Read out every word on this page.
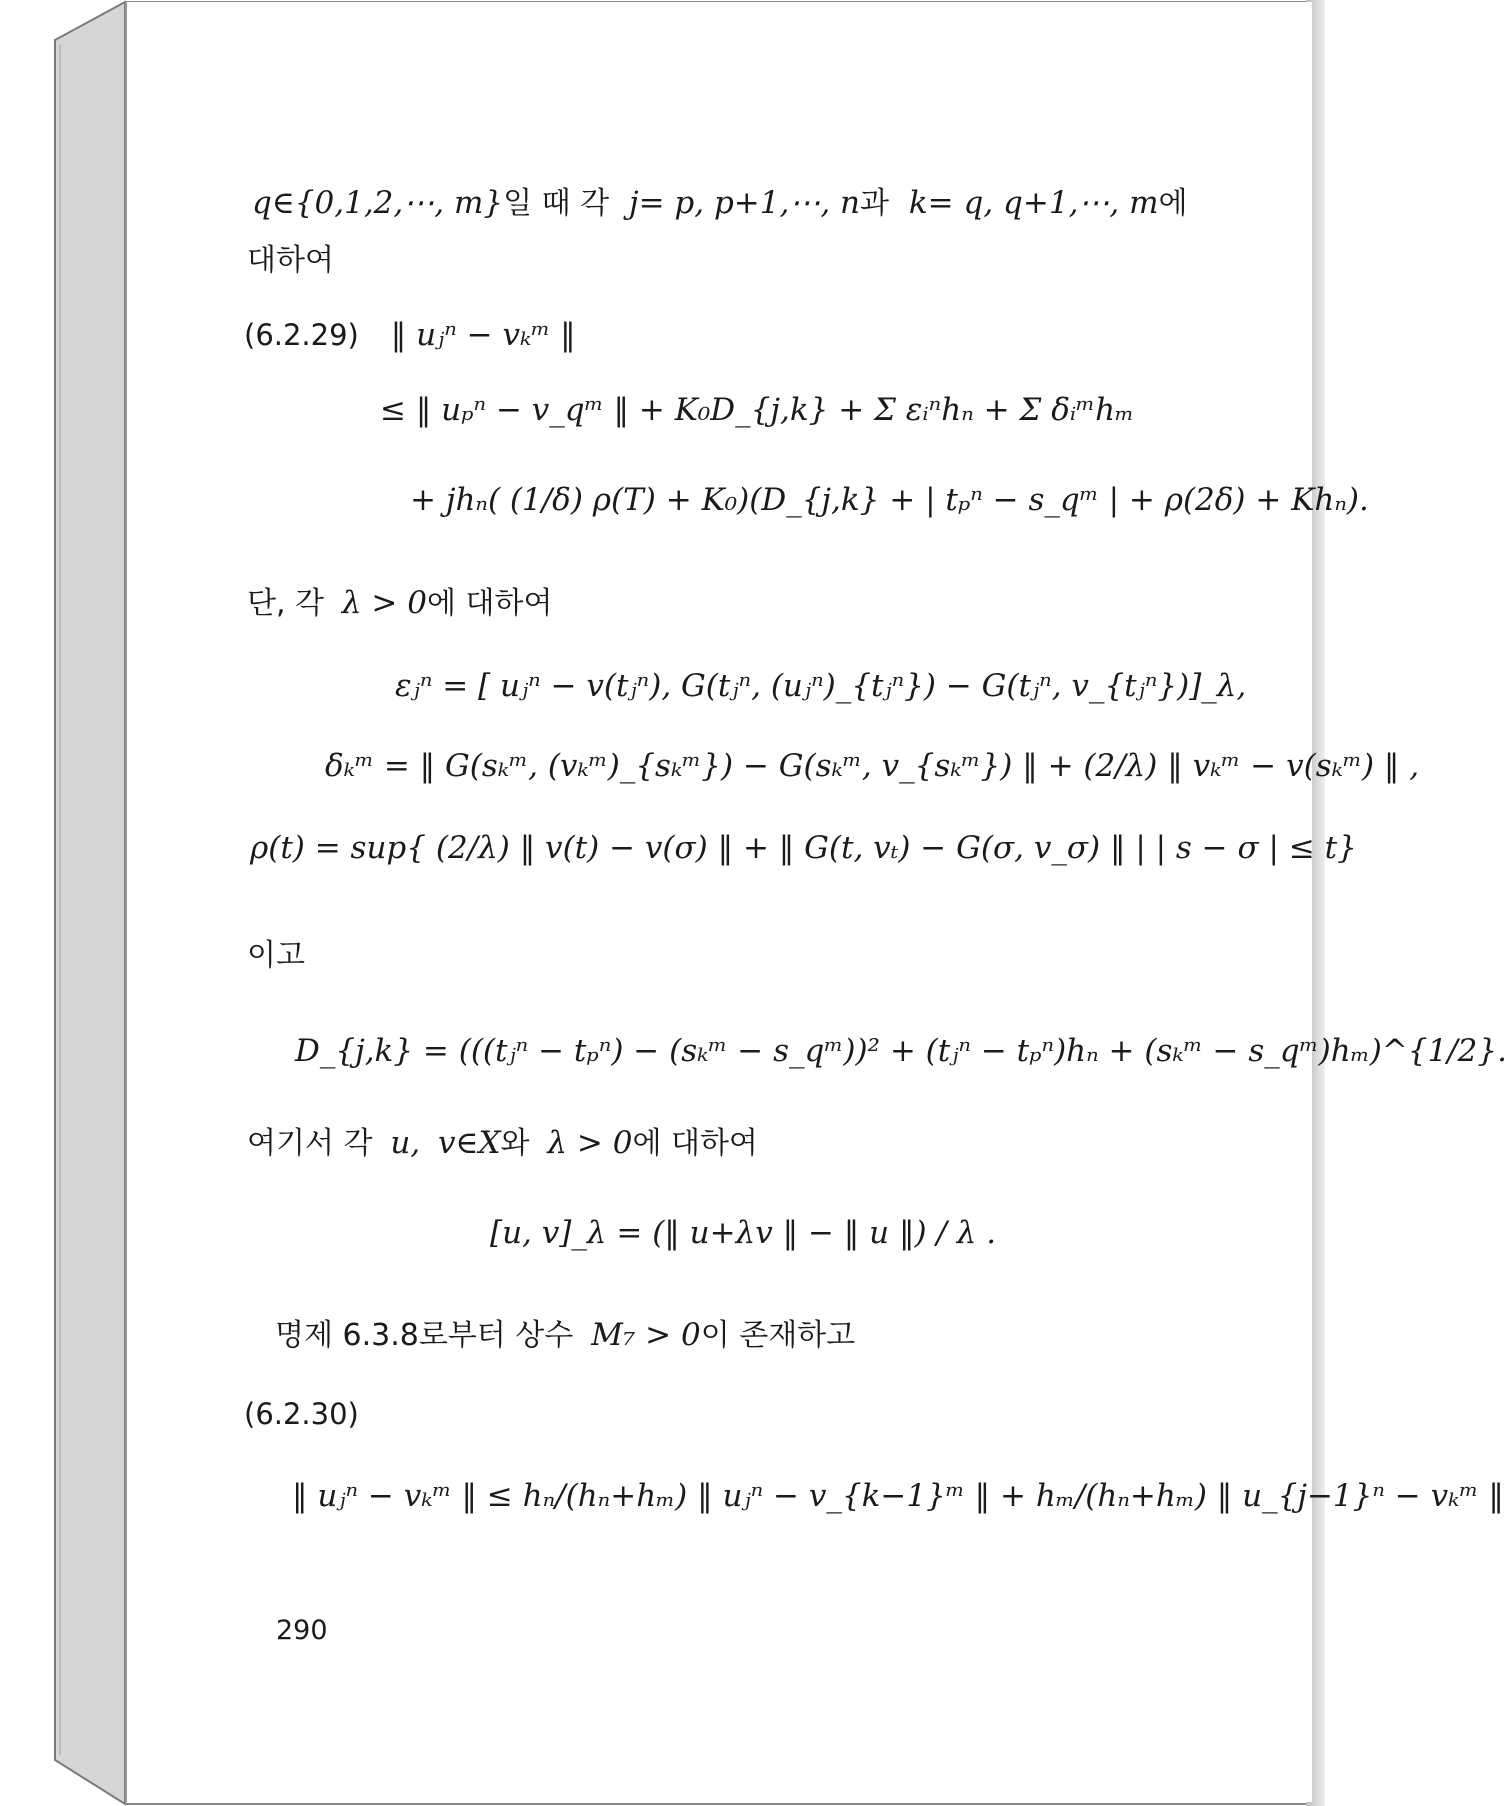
q∈{0,1,2,⋯, m}일 때 각 j= p, p+1,⋯, n과 k= q, q+1,⋯, m에
대하여
(6.2.29) ‖ uⱼⁿ − vₖᵐ ‖
≤ ‖ uₚⁿ − v_qᵐ ‖ + K₀D_{j,k} + Σ εᵢⁿhₙ + Σ δᵢᵐhₘ
+ jhₙ( (1/δ) ρ(T) + K₀)(D_{j,k} + | tₚⁿ − s_qᵐ | + ρ(2δ) + Khₙ).
단, 각 λ > 0에 대하여
εⱼⁿ = [ uⱼⁿ − v(tⱼⁿ), G(tⱼⁿ, (uⱼⁿ)_{tⱼⁿ}) − G(tⱼⁿ, v_{tⱼⁿ})]_λ,
δₖᵐ = ‖ G(sₖᵐ, (vₖᵐ)_{sₖᵐ}) − G(sₖᵐ, v_{sₖᵐ}) ‖ + (2/λ) ‖ vₖᵐ − v(sₖᵐ) ‖ ,
ρ(t) = sup{ (2/λ) ‖ v(t) − v(σ) ‖ + ‖ G(t, vₜ) − G(σ, v_σ) ‖ | | s − σ | ≤ t}
이고
D_{j,k} = (((tⱼⁿ − tₚⁿ) − (sₖᵐ − s_qᵐ))² + (tⱼⁿ − tₚⁿ)hₙ + (sₖᵐ − s_qᵐ)hₘ)^{1/2}.
여기서 각 u, v∈X와 λ > 0에 대하여
[u, v]_λ = (‖ u+λv ‖ − ‖ u ‖) / λ .
명제 6.3.8로부터 상수 M₇ > 0이 존재하고
(6.2.30)
‖ uⱼⁿ − vₖᵐ ‖ ≤ hₙ/(hₙ+hₘ) ‖ uⱼⁿ − v_{k−1}ᵐ ‖ + hₘ/(hₙ+hₘ) ‖ u_{j−1}ⁿ − vₖᵐ ‖
290
